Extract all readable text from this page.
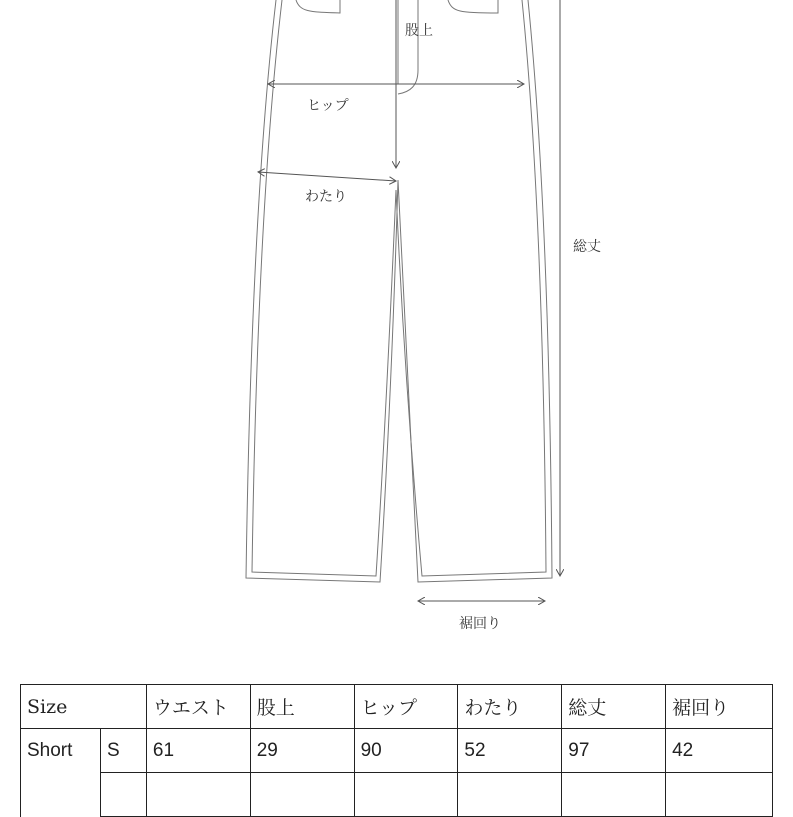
股上
ヒップ
わたり
総丈
裾回り
Size		ウエスト	股上	ヒップ	わたり	総丈	裾回り
Short	S	61	29	90	52	97	42
